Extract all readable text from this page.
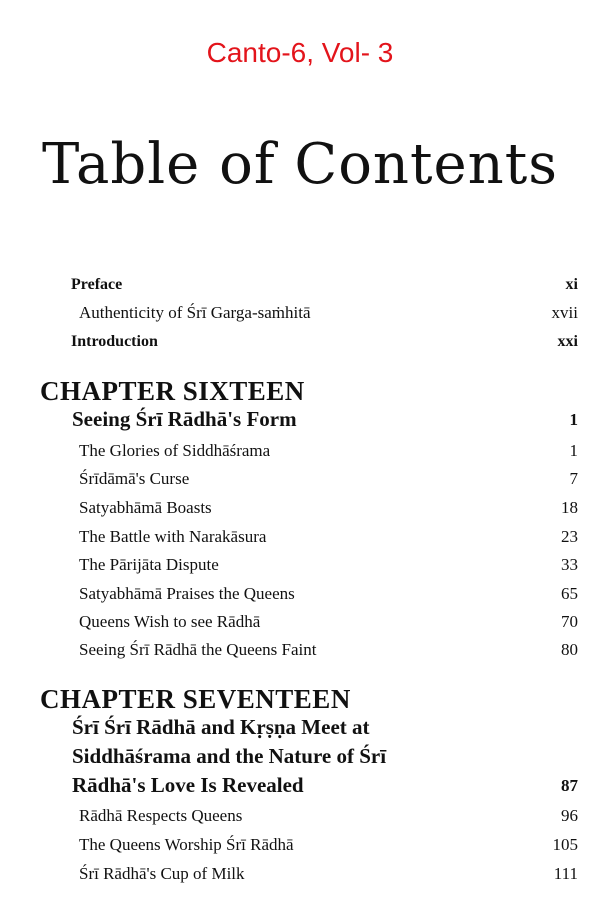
Canto-6, Vol- 3
Table of Contents
Preface	xi
Authenticity of Śrī Garga-saṁhitā	xvii
Introduction	xxi
CHAPTER SIXTEEN
Seeing Śrī Rādhā's Form	1
The Glories of Siddhāśrama	1
Śrīdāmā's Curse	7
Satyabhāmā Boasts	18
The Battle with Narakāsura	23
The Pārijāta Dispute	33
Satyabhāmā Praises the Queens	65
Queens Wish to see Rādhā	70
Seeing Śrī Rādhā the Queens Faint	80
CHAPTER SEVENTEEN
Śrī Śrī Rādhā and Kṛṣṇa Meet at
Siddhāśrama and the Nature of Śrī
Rādhā's Love Is Revealed	87
Rādhā Respects Queens	96
The Queens Worship Śrī Rādhā	105
Śrī Rādhā's Cup of Milk	111
